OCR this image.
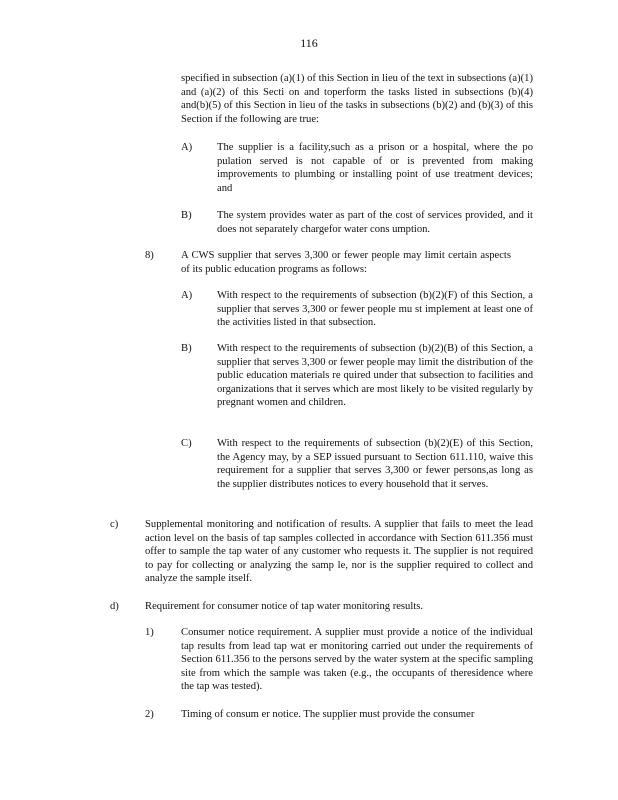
116
specified in subsection (a)(1) of this Section in lieu of the text in subsections (a)(1) and (a)(2) of this Secti on and toperform the tasks listed in subsections (b)(4) and(b)(5) of this Section in lieu of the tasks in subsections (b)(2) and (b)(3) of this Section if the following are true:
A) The supplier is a facility,such as a prison or a hospital, where the po pulation served is not capable of or is prevented from making improvements to plumbing or installing point of use treatment devices; and
B) The system provides water as part of the cost of services provided, and it does not separately chargefor water cons umption.
8)	A CWS supplier that serves 3,300 or fewer people may limit certain aspects of its public education programs as follows:
A) With respect to the requirements of subsection (b)(2)(F) of this Section, a supplier that serves 3,300 or fewer people mu st implement at least one of the activities listed in that subsection.
B) With respect to the requirements of subsection (b)(2)(B) of this Section, a supplier that serves 3,300 or fewer people may limit the distribution of the public education materials re quired under that subsection to facilities and organizations that it serves which are most likely to be visited regularly by pregnant women and children.
C) With respect to the requirements of subsection (b)(2)(E) of this Section, the Agency may, by a SEP issued pursuant to Section 611.110, waive this requirement for a supplier that serves 3,300 or fewer persons,as long as the supplier distributes notices to every household that it serves.
c)	Supplemental monitoring and notification of results. A supplier that fails to meet the lead action level on the basis of tap samples collected in accordance with Section 611.356 must offer to sample the tap water of any customer who requests it. The supplier is not required to pay for collecting or analyzing the samp le, nor is the supplier required to collect and analyze the sample itself.
d) Requirement for consumer notice of tap water monitoring results.
1)	Consumer notice requirement. A supplier must provide a notice of the individual tap results from lead tap wat er monitoring carried out under the requirements of Section 611.356 to the persons served by the water system at the specific sampling site from which the sample was taken (e.g., the occupants of theresidence where the tap was tested).
2)	Timing of consum er notice. The supplier must provide the consumer
